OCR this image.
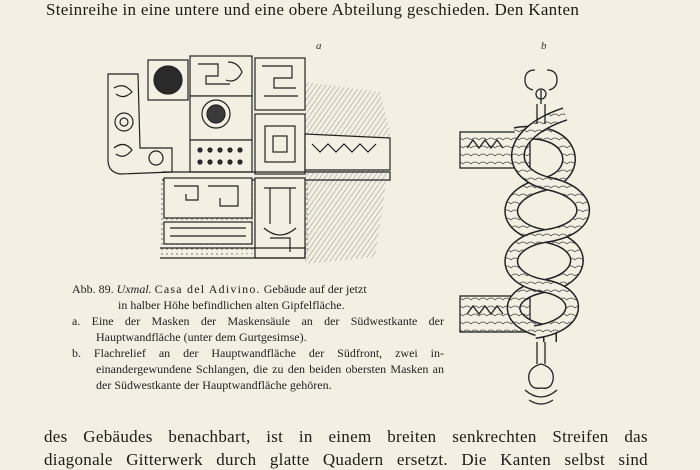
Steinreihe in eine untere und eine obere Abteilung geschieden. Den Kanten
a	b
Abb. 89. Uxmal. Casa del Adivino. Gebäude auf der jetzt
in halber Höhe befindlichen alten Gipfelfläche.
a. Eine der Masken der Maskensäule an der Südwestkante der Hauptwandfläche (unter dem Gurtgesimse).
b. Flachrelief an der Hauptwandfläche der Südfront, zwei in-einandergewundene Schlangen, die zu den beiden obersten Masken an der Südwestkante der Hauptwandfläche gehören.
des Gebäudes benachbart, ist in einem breiten senkrechten Streifen das
diagonale Gitterwerk durch glatte Quadern ersetzt. Die Kanten selbst sind
